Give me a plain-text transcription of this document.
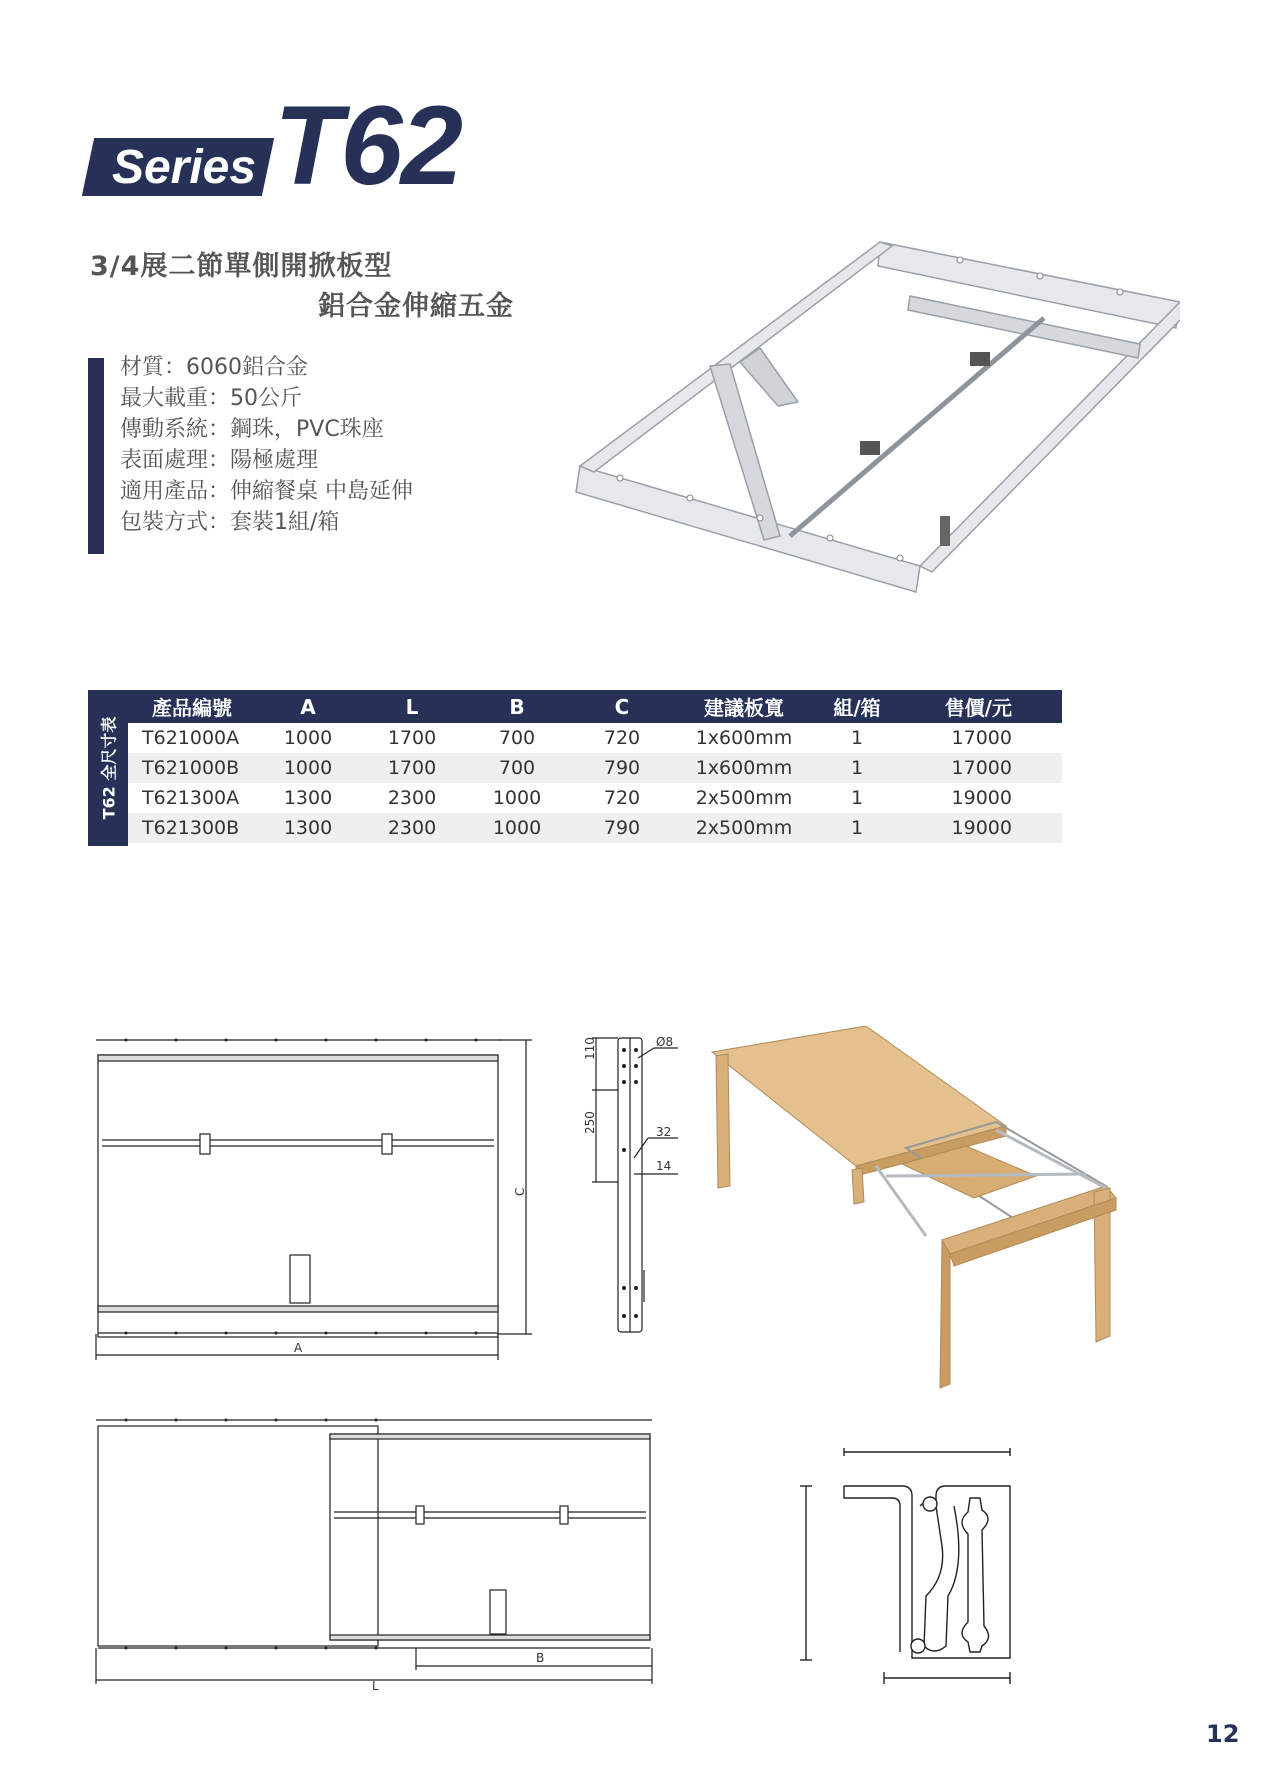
Series T62
3/4展二節單側開掀板型
鋁合金伸縮五金
材質：6060鋁合金
最大載重：50公斤
傳動系統：鋼珠，PVC珠座
表面處理：陽極處理
適用產品：伸縮餐桌 中島延伸
包裝方式：套裝1組/箱
T62 全尺寸表
產品編號	A	L	B	C	建議板寬	組/箱	售價/元
T621000A	1000	1700	700	720	1x600mm	1	17000
T621000B	1000	1700	700	790	1x600mm	1	17000
T621300A	1300	2300	1000	720	2x500mm	1	19000
T621300B	1300	2300	1000	790	2x500mm	1	19000
A
C
110
250
Ø8
32
14
B
L
12
